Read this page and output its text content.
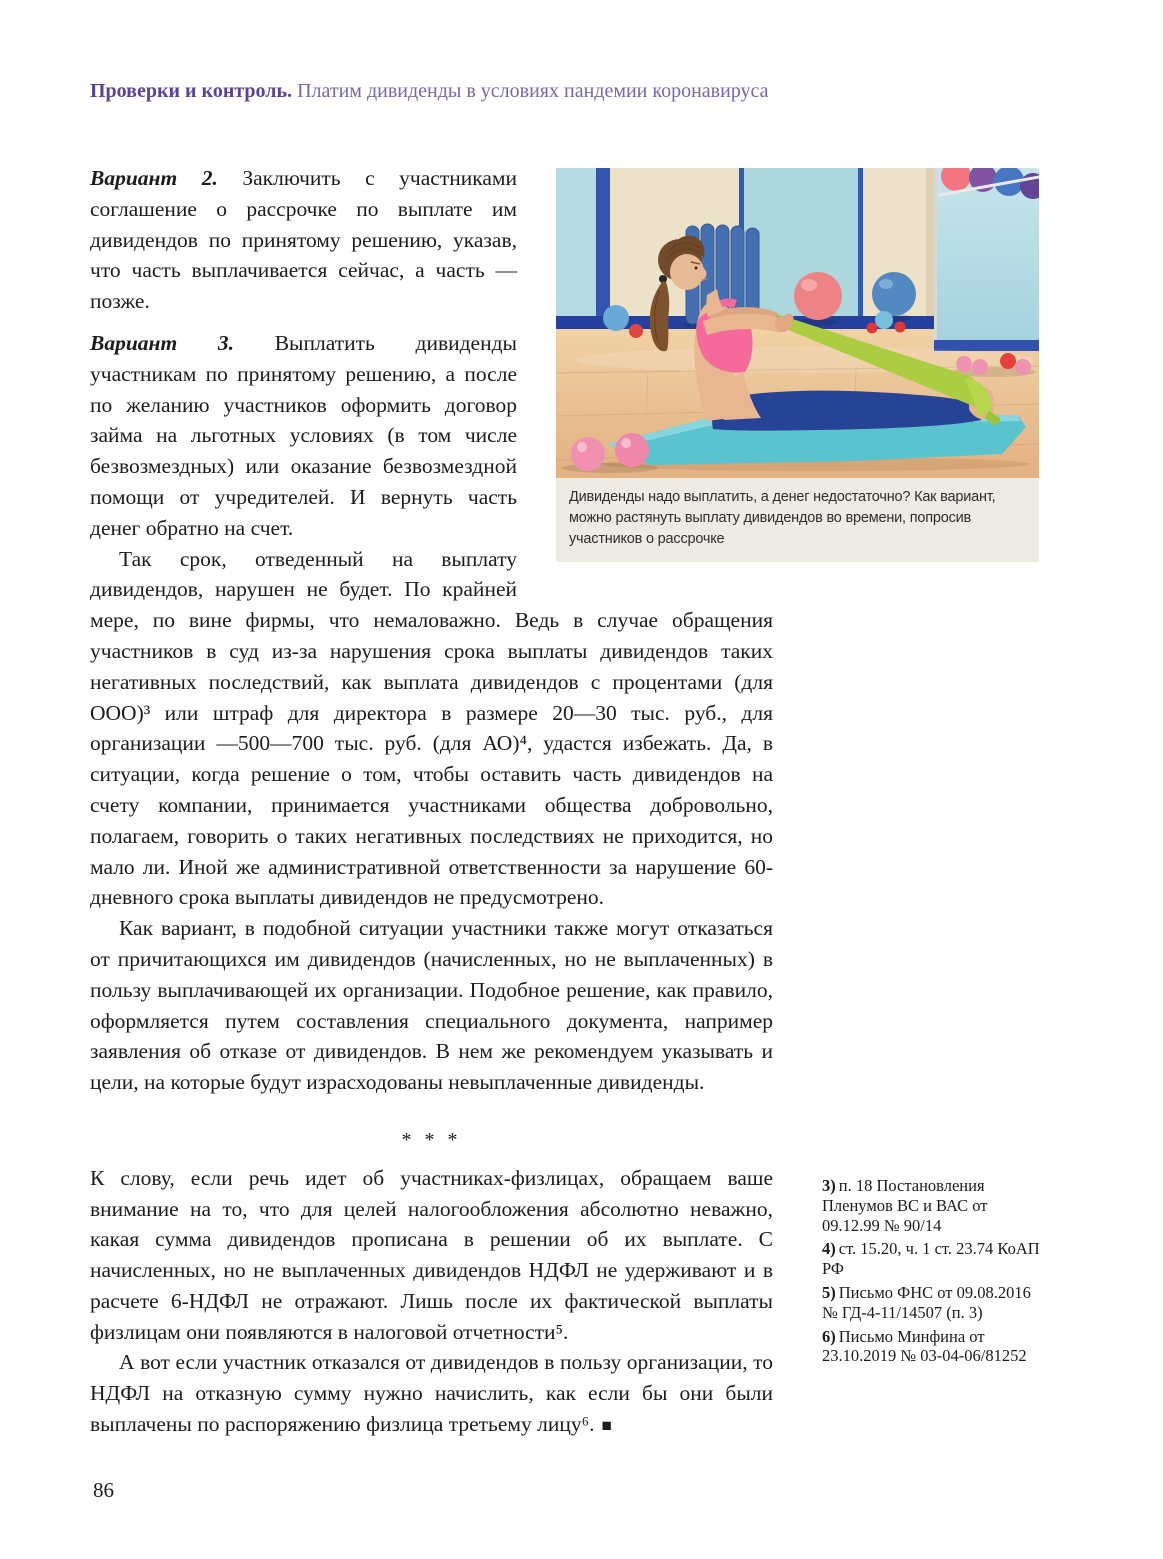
Проверки и контроль. Платим дивиденды в условиях пандемии коронавируса

Вариант 2. Заключить с участниками соглашение о рассрочке по выплате им дивидендов по принятому решению, указав, что часть выплачивается сейчас, а часть — позже.

Вариант 3. Выплатить дивиденды участникам по принятому решению, а после по желанию участников оформить договор займа на льготных условиях (в том числе безвозмездных) или оказание безвозмездной помощи от учредителей. И вернуть часть денег обратно на счет.

Так срок, отведенный на выплату дивидендов, нарушен не будет. По крайней мере, по вине фирмы, что немаловажно. Ведь в случае обращения участников в суд из-за нарушения срока выплаты дивидендов таких негативных последствий, как выплата дивидендов с процентами (для ООО)³ или штраф для директора в размере 20—30 тыс. руб., для организации —500—700 тыс. руб. (для АО)⁴, удастся избежать. Да, в ситуации, когда решение о том, чтобы оставить часть дивидендов на счету компании, принимается участниками общества добровольно, полагаем, говорить о таких негативных последствиях не приходится, но мало ли. Иной же административной ответственности за нарушение 60-дневного срока выплаты дивидендов не предусмотрено.

Как вариант, в подобной ситуации участники также могут отказаться от причитающихся им дивидендов (начисленных, но не выплаченных) в пользу выплачивающей их организации. Подобное решение, как правило, оформляется путем составления специального документа, например заявления об отказе от дивидендов. В нем же рекомендуем указывать и цели, на которые будут израсходованы невыплаченные дивиденды.

* * *

К слову, если речь идет об участниках-физлицах, обращаем ваше внимание на то, что для целей налогообложения абсолютно неважно, какая сумма дивидендов прописана в решении об их выплате. С начисленных, но не выплаченных дивидендов НДФЛ не удерживают и в расчете 6-НДФЛ не отражают. Лишь после их фактической выплаты физлицам они появляются в налоговой отчетности⁵.

А вот если участник отказался от дивидендов в пользу организации, то НДФЛ на отказную сумму нужно начислить, как если бы они были выплачены по распоряжению физлица третьему лицу⁶. ■

Дивиденды надо выплатить, а денег недостаточно? Как вариант, можно растянуть выплату дивидендов во времени, попросив участников о рассрочке
3) п. 18 Постановления Пленумов ВС и ВАС от 09.12.99 № 90/14
4) ст. 15.20, ч. 1 ст. 23.74 КоАП РФ
5) Письмо ФНС от 09.08.2016 № ГД-4-11/14507 (п. 3)
6) Письмо Минфина от 23.10.2019 № 03-04-06/81252
86
